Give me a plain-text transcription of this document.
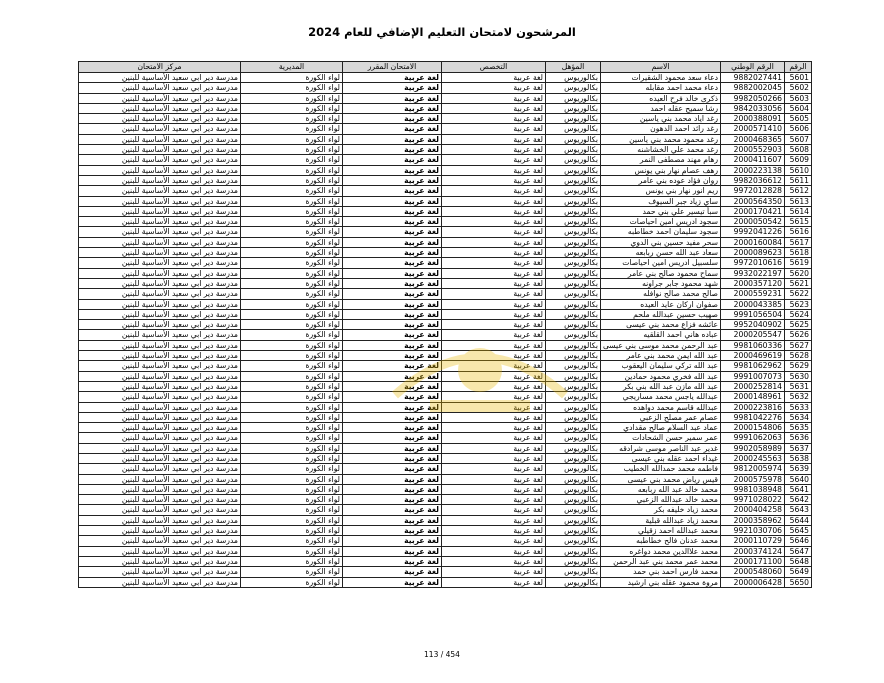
المرشحون لامتحان التعليم الإضافي للعام 2024
الرقم	الرقم الوطني	الاسم	المؤهل	التخصص	الامتحان المقرر	المديرية	مركز الامتحان
5601	9882027441	دعاء سعد محمود الشقيرات	بكالوريوس	لغة عربية	لغة عربية	لواء الكورة	مدرسة دير ابي سعيد الأساسية للبنين
5602	9882002045	دعاء محمد احمد مقابله	بكالوريوس	لغة عربية	لغة عربية	لواء الكورة	مدرسة دير ابي سعيد الأساسية للبنين
5603	9982050266	ذكرى خالد فرح العيده	بكالوريوس	لغة عربية	لغة عربية	لواء الكورة	مدرسة دير ابي سعيد الأساسية للبنين
5604	9842033056	رشا سميح عقله احمد	بكالوريوس	لغة عربية	لغة عربية	لواء الكورة	مدرسة دير ابي سعيد الأساسية للبنين
5605	2000388091	رغد اياد محمد بني ياسين	بكالوريوس	لغة عربية	لغة عربية	لواء الكورة	مدرسة دير ابي سعيد الأساسية للبنين
5606	2000571410	رغد رائد احمد الدهون	بكالوريوس	لغة عربية	لغة عربية	لواء الكورة	مدرسة دير ابي سعيد الأساسية للبنين
5607	2000468365	رغد محمود محمد بني ياسين	بكالوريوس	لغة عربية	لغة عربية	لواء الكورة	مدرسة دير ابي سعيد الأساسية للبنين
5608	2000552903	رغد محمد علي الخشاشنه	بكالوريوس	لغة عربية	لغة عربية	لواء الكورة	مدرسة دير ابي سعيد الأساسية للبنين
5609	2000411607	رهام مهند مصطفى النمر	بكالوريوس	لغة عربية	لغة عربية	لواء الكورة	مدرسة دير ابي سعيد الأساسية للبنين
5610	2000223138	رهف عصام نهار بني يونس	بكالوريوس	لغة عربية	لغة عربية	لواء الكورة	مدرسة دير ابي سعيد الأساسية للبنين
5611	9982036612	روان فؤاد عوده بني عامر	بكالوريوس	لغة عربية	لغة عربية	لواء الكورة	مدرسة دير ابي سعيد الأساسية للبنين
5612	9972012828	ريم انور نهار بني يونس	بكالوريوس	لغة عربية	لغة عربية	لواء الكورة	مدرسة دير ابي سعيد الأساسية للبنين
5613	2000564350	ساي زياد جبر السيوف	بكالوريوس	لغة عربية	لغة عربية	لواء الكورة	مدرسة دير ابي سعيد الأساسية للبنين
5614	2000170421	سبأ تيسير علي بني حمد	بكالوريوس	لغة عربية	لغة عربية	لواء الكورة	مدرسة دير ابي سعيد الأساسية للبنين
5615	2000050542	سجود ادريس امين احياصات	بكالوريوس	لغة عربية	لغة عربية	لواء الكورة	مدرسة دير ابي سعيد الأساسية للبنين
5616	9992041226	سجود سليمان احمد خطاطبه	بكالوريوس	لغة عربية	لغة عربية	لواء الكورة	مدرسة دير ابي سعيد الأساسية للبنين
5617	2000160084	سحر مفيد حسين بني الدوي	بكالوريوس	لغة عربية	لغة عربية	لواء الكورة	مدرسة دير ابي سعيد الأساسية للبنين
5618	2000089623	سعاد عبد الله حسن ربابعه	بكالوريوس	لغة عربية	لغة عربية	لواء الكورة	مدرسة دير ابي سعيد الأساسية للبنين
5619	9972010616	سلسبيل ادريس امين احياصات	بكالوريوس	لغة عربية	لغة عربية	لواء الكورة	مدرسة دير ابي سعيد الأساسية للبنين
5620	9932022197	سماح محمود صالح بني عامر	بكالوريوس	لغة عربية	لغة عربية	لواء الكورة	مدرسة دير ابي سعيد الأساسية للبنين
5621	2000357120	شهد محمود جابر جراونه	بكالوريوس	لغة عربية	لغة عربية	لواء الكورة	مدرسة دير ابي سعيد الأساسية للبنين
5622	2000559231	صالح محمد صالح نوافله	بكالوريوس	لغة عربية	لغة عربية	لواء الكورة	مدرسة دير ابي سعيد الأساسية للبنين
5623	2000043385	صفوان اركان عايد العيده	بكالوريوس	لغة عربية	لغة عربية	لواء الكورة	مدرسة دير ابي سعيد الأساسية للبنين
5624	9991056504	صهيب حسين عبدالله ملحم	بكالوريوس	لغة عربية	لغة عربية	لواء الكورة	مدرسة دير ابي سعيد الأساسية للبنين
5625	9952040902	عائشه فزاع محمد بني عيسى	بكالوريوس	لغة عربية	لغة عربية	لواء الكورة	مدرسة دير ابي سعيد الأساسية للبنين
5626	2000205547	عباده هاني احمد القلقيه	بكالوريوس	لغة عربية	لغة عربية	لواء الكورة	مدرسة دير ابي سعيد الأساسية للبنين
5627	9981060336	عبد الرحمن محمد موسى بني عيسى	بكالوريوس	لغة عربية	لغة عربية	لواء الكورة	مدرسة دير ابي سعيد الأساسية للبنين
5628	2000469619	عبد الله ايمن محمد بني عامر	بكالوريوس	لغة عربية	لغة عربية	لواء الكورة	مدرسة دير ابي سعيد الأساسية للبنين
5629	9981062962	عبد الله تركي سليمان اليعقوب	بكالوريوس	لغة عربية	لغة عربية	لواء الكورة	مدرسة دير ابي سعيد الأساسية للبنين
5630	9991007073	عبد الله فخري محمود حمادين	بكالوريوس	لغة عربية	لغة عربية	لواء الكورة	مدرسة دير ابي سعيد الأساسية للبنين
5631	2000252814	عبد الله مازن عبد الله بني بكر	بكالوريوس	لغة عربية	لغة عربية	لواء الكورة	مدرسة دير ابي سعيد الأساسية للبنين
5632	2000148961	عبدالله ياجس محمد مساريجي	بكالوريوس	لغة عربية	لغة عربية	لواء الكورة	مدرسة دير ابي سعيد الأساسية للبنين
5633	2000223816	عبدالله قاسم محمد دواهده	بكالوريوس	لغة عربية	لغة عربية	لواء الكورة	مدرسة دير ابي سعيد الأساسية للبنين
5634	9981042276	عصام عمر مصلح الزعبي	بكالوريوس	لغة عربية	لغة عربية	لواء الكورة	مدرسة دير ابي سعيد الأساسية للبنين
5635	2000154806	عماد عبد السلام صالح مقدادي	بكالوريوس	لغة عربية	لغة عربية	لواء الكورة	مدرسة دير ابي سعيد الأساسية للبنين
5636	9991062063	عمر سمير حسن الشحادات	بكالوريوس	لغة عربية	لغة عربية	لواء الكورة	مدرسة دير ابي سعيد الأساسية للبنين
5637	9902058989	غدير عبد الناصر موسى شرادقه	بكالوريوس	لغة عربية	لغة عربية	لواء الكورة	مدرسة دير ابي سعيد الأساسية للبنين
5638	2000245563	غيداء احمد عقله بني عيسى	بكالوريوس	لغة عربية	لغة عربية	لواء الكورة	مدرسة دير ابي سعيد الأساسية للبنين
5639	9812005974	فاطمه محمد حمدالله الخطيب	بكالوريوس	لغة عربية	لغة عربية	لواء الكورة	مدرسة دير ابي سعيد الأساسية للبنين
5640	2000575978	قيس رياض محمد بني عيسى	بكالوريوس	لغة عربية	لغة عربية	لواء الكورة	مدرسة دير ابي سعيد الأساسية للبنين
5641	9981038948	محمد خالد عبد الله ربابعه	بكالوريوس	لغة عربية	لغة عربية	لواء الكورة	مدرسة دير ابي سعيد الأساسية للبنين
5642	9971028022	محمد خالد عبدالله الزعبي	بكالوريوس	لغة عربية	لغة عربية	لواء الكورة	مدرسة دير ابي سعيد الأساسية للبنين
5643	2000404258	محمد زياد خليفه بكر	بكالوريوس	لغة عربية	لغة عربية	لواء الكورة	مدرسة دير ابي سعيد الأساسية للبنين
5644	2000358962	محمد زياد عبدالله قبلية	بكالوريوس	لغة عربية	لغة عربية	لواء الكورة	مدرسة دير ابي سعيد الأساسية للبنين
5645	9921030706	محمد عبدالله احمد زقيلي	بكالوريوس	لغة عربية	لغة عربية	لواء الكورة	مدرسة دير ابي سعيد الأساسية للبنين
5646	2000110729	محمد عدنان فالح خطاطبه	بكالوريوس	لغة عربية	لغة عربية	لواء الكورة	مدرسة دير ابي سعيد الأساسية للبنين
5647	2000374124	محمد علاالدين محمد دواغره	بكالوريوس	لغة عربية	لغة عربية	لواء الكورة	مدرسة دير ابي سعيد الأساسية للبنين
5648	2000171100	محمد عمر محمد بني عبد الرحمن	بكالوريوس	لغة عربية	لغة عربية	لواء الكورة	مدرسة دير ابي سعيد الأساسية للبنين
5649	2000548060	محمد فارس احمد بني حمد	بكالوريوس	لغة عربية	لغة عربية	لواء الكورة	مدرسة دير ابي سعيد الأساسية للبنين
5650	2000006428	مروة محمود عقله بني ارشيد	بكالوريوس	لغة عربية	لغة عربية	لواء الكورة	مدرسة دير ابي سعيد الأساسية للبنين
113 / 454
